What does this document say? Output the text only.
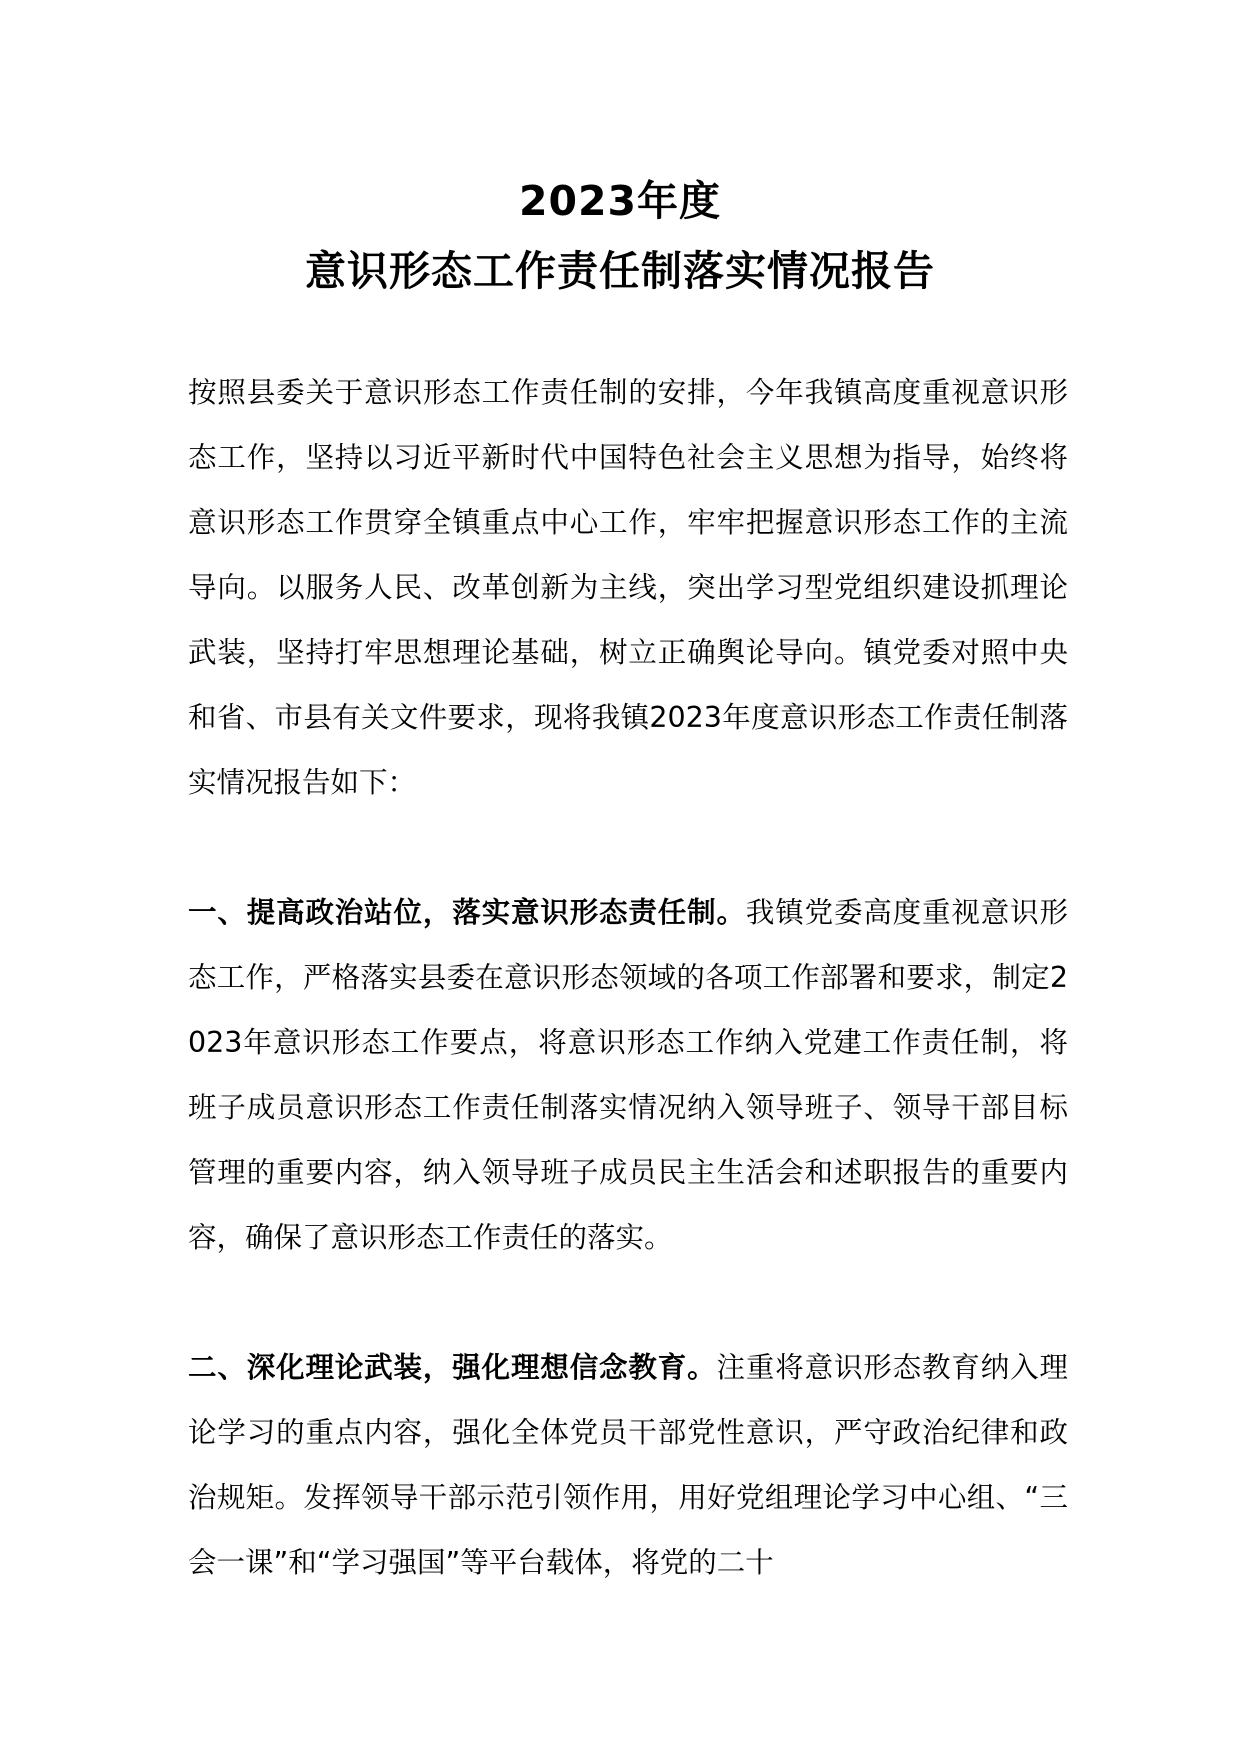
2023年度
意识形态工作责任制落实情况报告
按照县委关于意识形态工作责任制的安排，今年我镇高度重视意识形态工作，坚持以习近平新时代中国特色社会主义思想为指导，始终将意识形态工作贯穿全镇重点中心工作，牢牢把握意识形态工作的主流导向。以服务人民、改革创新为主线，突出学习型党组织建设抓理论武装，坚持打牢思想理论基础，树立正确舆论导向。镇党委对照中央和省、市县有关文件要求，现将我镇2023年度意识形态工作责任制落实情况报告如下：
一、提高政治站位，落实意识形态责任制。我镇党委高度重视意识形态工作，严格落实县委在意识形态领域的各项工作部署和要求，制定2023年意识形态工作要点，将意识形态工作纳入党建工作责任制，将班子成员意识形态工作责任制落实情况纳入领导班子、领导干部目标管理的重要内容，纳入领导班子成员民主生活会和述职报告的重要内容，确保了意识形态工作责任的落实。
二、深化理论武装，强化理想信念教育。注重将意识形态教育纳入理论学习的重点内容，强化全体党员干部党性意识，严守政治纪律和政治规矩。发挥领导干部示范引领作用，用好党组理论学习中心组、“三会一课”和“学习强国”等平台载体，将党的二十
